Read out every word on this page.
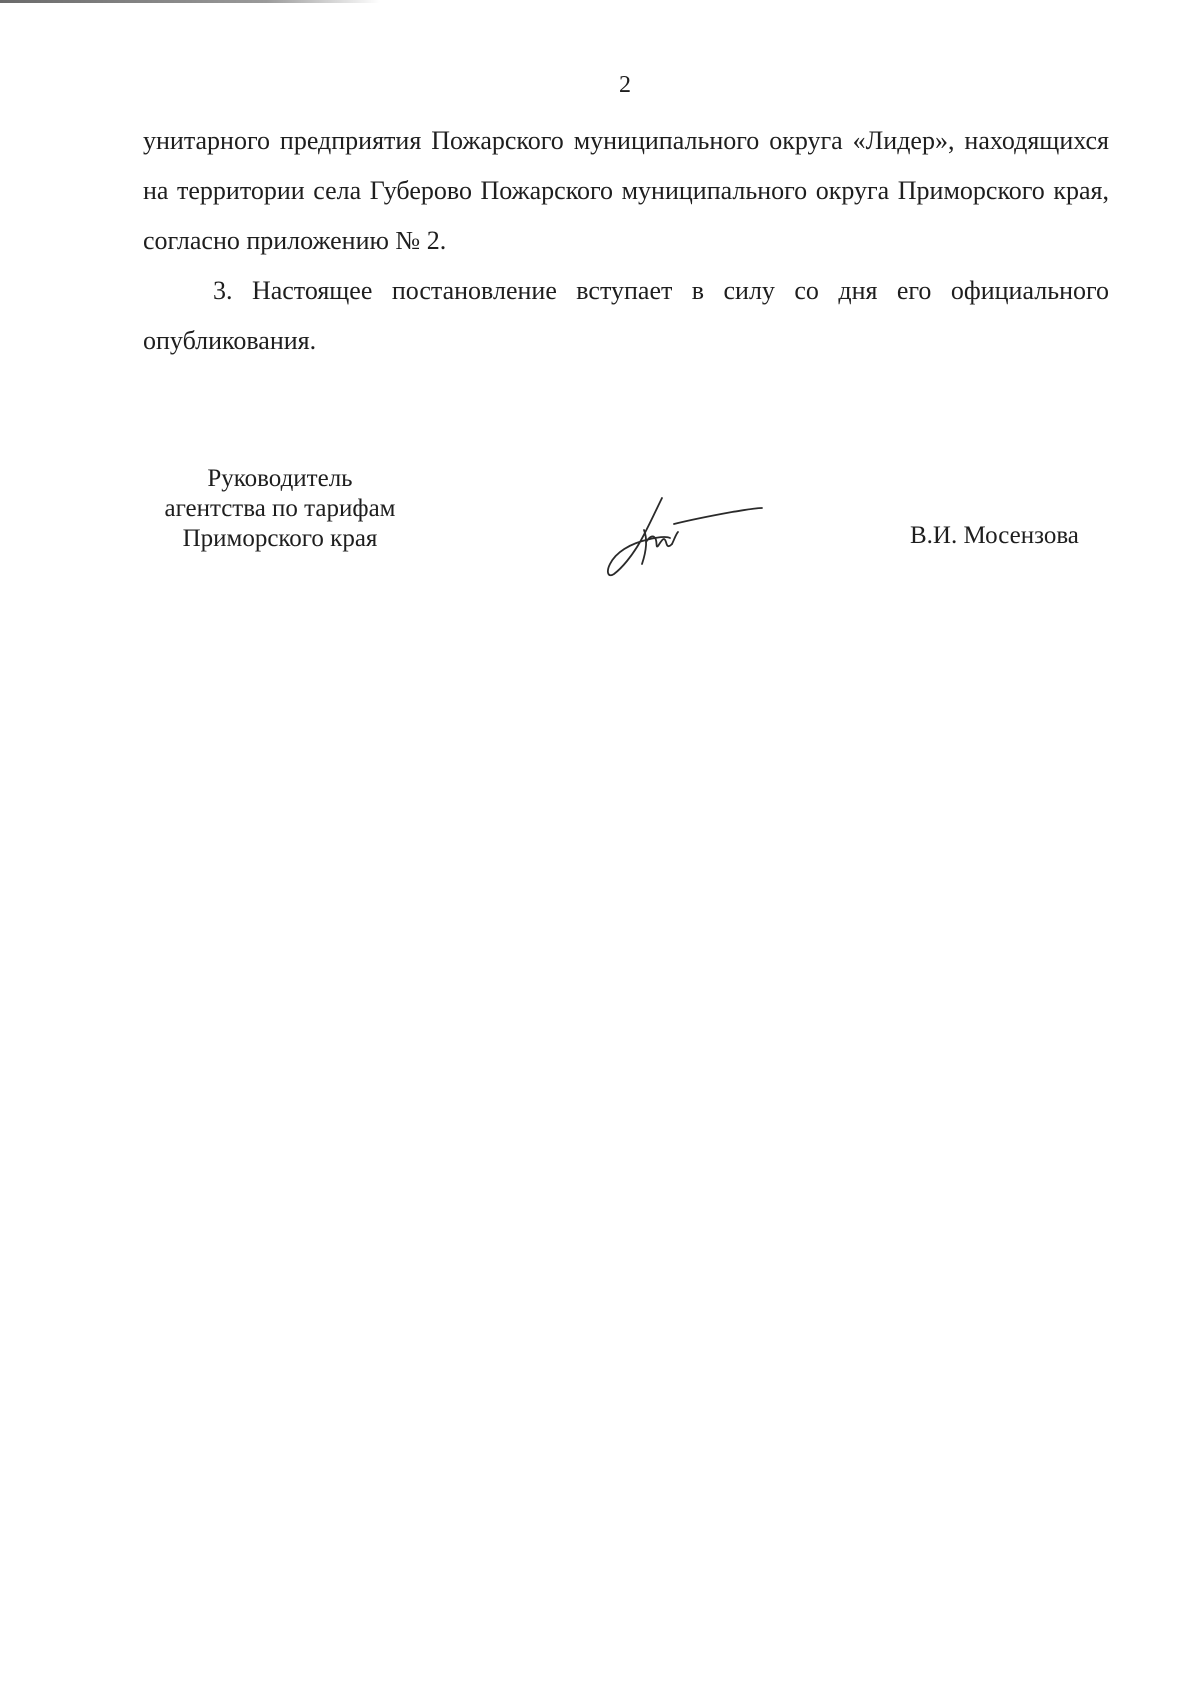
2

унитарного предприятия Пожарского муниципального округа «Лидер», находящихся на территории села Губерово Пожарского муниципального округа Приморского края, согласно приложению № 2.

3. Настоящее постановление вступает в силу со дня его официального опубликования.

Руководитель
агентства по тарифам
Приморского края	В.И. Мосензова
